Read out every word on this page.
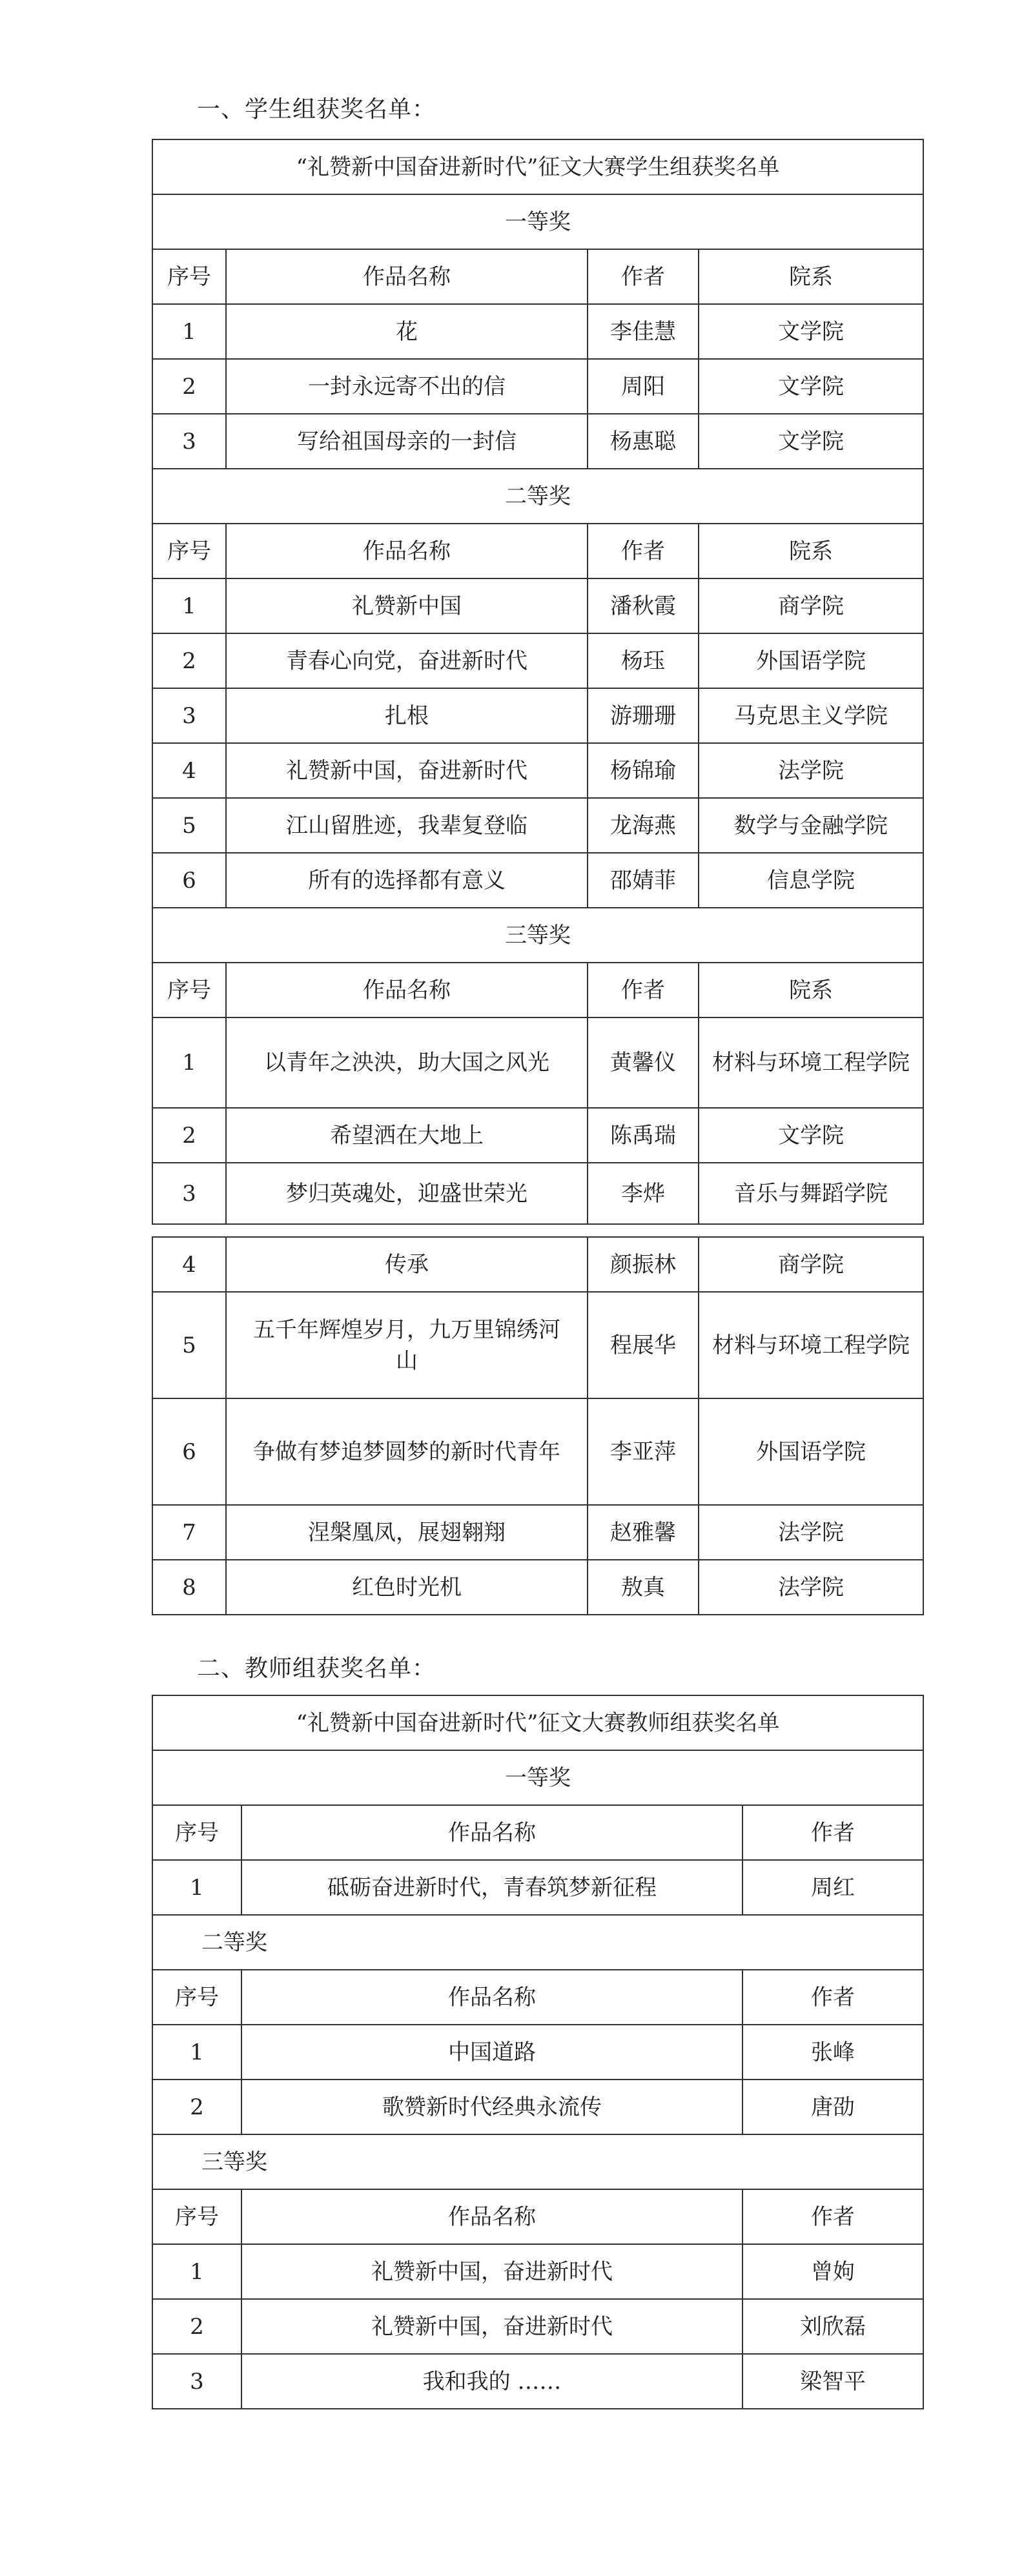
一、学生组获奖名单：
“礼赞新中国奋进新时代”征文大赛学生组获奖名单			
一等奖			
序号	作品名称	作者	院系
1	花	李佳慧	文学院
2	一封永远寄不出的信	周阳	文学院
3	写给祖国母亲的一封信	杨惠聪	文学院
二等奖			
序号	作品名称	作者	院系
1	礼赞新中国	潘秋霞	商学院
2	青春心向党，奋进新时代	杨珏	外国语学院
3	扎根	游珊珊	马克思主义学院
4	礼赞新中国，奋进新时代	杨锦瑜	法学院
5	江山留胜迹，我辈复登临	龙海燕	数学与金融学院
6	所有的选择都有意义	邵婧菲	信息学院
三等奖			
序号	作品名称	作者	院系
1	以青年之泱泱，助大国之风光	黄馨仪	材料与环境工程学院
2	希望洒在大地上	陈禹瑞	文学院
3	梦归英魂处，迎盛世荣光	李烨	音乐与舞蹈学院
4	传承	颜振林	商学院
5	五千年辉煌岁月，九万里锦绣河山	程展华	材料与环境工程学院
6	争做有梦追梦圆梦的新时代青年	李亚萍	外国语学院
7	涅槃凰凤，展翅翱翔	赵雅馨	法学院
8	红色时光机	敖真	法学院
二、教师组获奖名单：
“礼赞新中国奋进新时代”征文大赛教师组获奖名单		
一等奖		
序号	作品名称	作者
1	砥砺奋进新时代，青春筑梦新征程	周红
二等奖		
序号	作品名称	作者
1	中国道路	张峰
2	歌赞新时代经典永流传	唐劭
三等奖		
序号	作品名称	作者
1	礼赞新中国，奋进新时代	曾姁
2	礼赞新中国，奋进新时代	刘欣磊
3	我和我的 ……	梁智平
